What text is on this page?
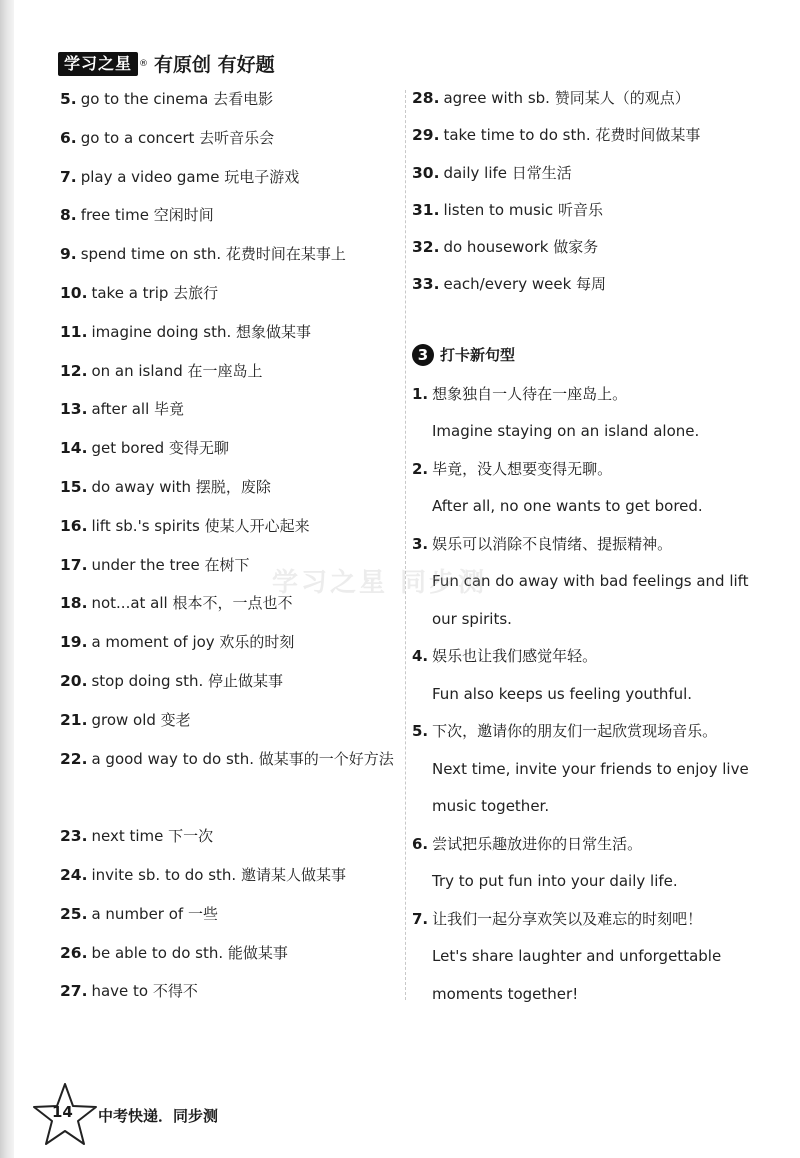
学习之星 ® 有原创 有好题
5. go to the cinema 去看电影
6. go to a concert 去听音乐会
7. play a video game 玩电子游戏
8. free time 空闲时间
9. spend time on sth. 花费时间在某事上
10. take a trip 去旅行
11. imagine doing sth. 想象做某事
12. on an island 在一座岛上
13. after all 毕竟
14. get bored 变得无聊
15. do away with 摆脱，废除
16. lift sb.'s spirits 使某人开心起来
17. under the tree 在树下
18. not...at all 根本不，一点也不
19. a moment of joy 欢乐的时刻
20. stop doing sth. 停止做某事
21. grow old 变老
22. a good way to do sth. 做某事的一个好方法
23. next time 下一次
24. invite sb. to do sth. 邀请某人做某事
25. a number of 一些
26. be able to do sth. 能做某事
27. have to 不得不
28. agree with sb. 赞同某人（的观点）
29. take time to do sth. 花费时间做某事
30. daily life 日常生活
31. listen to music 听音乐
32. do housework 做家务
33. each/every week 每周
3 打卡新句型
1. 想象独自一人待在一座岛上。
Imagine staying on an island alone.
2. 毕竟，没人想要变得无聊。
After all, no one wants to get bored.
3. 娱乐可以消除不良情绪、提振精神。
Fun can do away with bad feelings and lift our spirits.
4. 娱乐也让我们感觉年轻。
Fun also keeps us feeling youthful.
5. 下次，邀请你的朋友们一起欣赏现场音乐。
Next time, invite your friends to enjoy live music together.
6. 尝试把乐趣放进你的日常生活。
Try to put fun into your daily life.
7. 让我们一起分享欢笑以及难忘的时刻吧！
Let's share laughter and unforgettable moments together!
学习之星 同步测
14 中考快递．同步测
